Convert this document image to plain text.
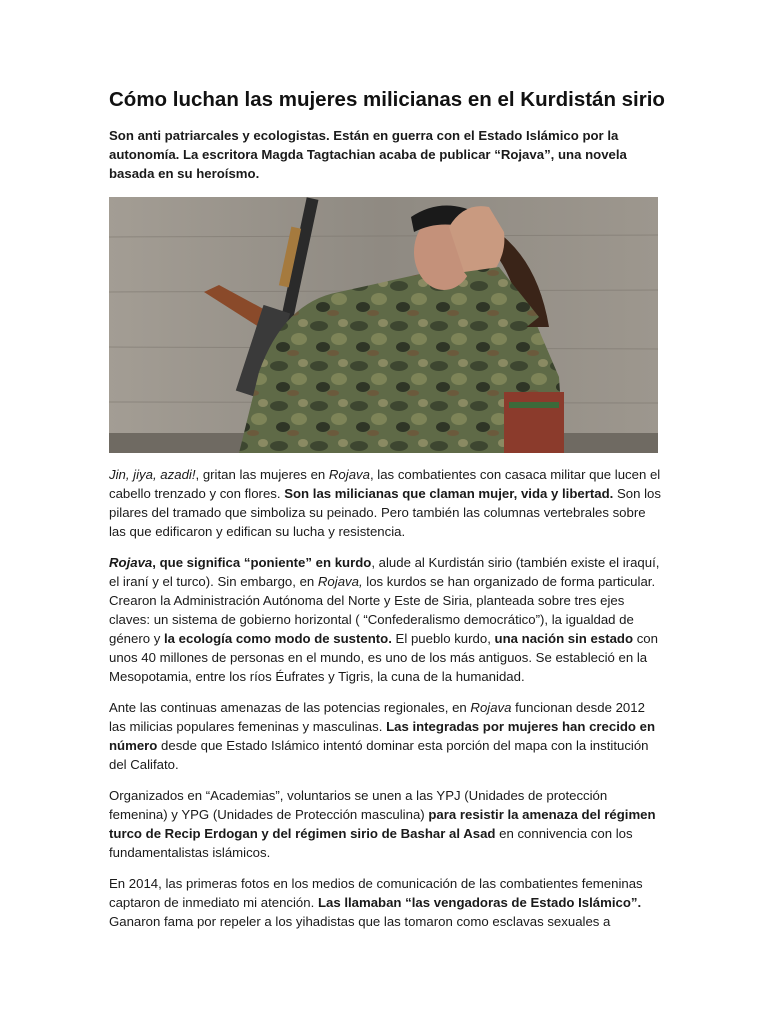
Cómo luchan las mujeres milicianas en el Kurdistán sirio

Son anti patriarcales y ecologistas. Están en guerra con el Estado Islámico por la autonomía. La escritora Magda Tagtachian acaba de publicar “Rojava”, una novela basada en su heroísmo.

Jin, jiya, azadi!, gritan las mujeres en Rojava, las combatientes con casaca militar que lucen el cabello trenzado y con flores. Son las milicianas que claman mujer, vida y libertad. Son los pilares del tramado que simboliza su peinado. Pero también las columnas vertebrales sobre las que edificaron y edifican su lucha y resistencia.

Rojava, que significa “poniente” en kurdo, alude al Kurdistán sirio (también existe el iraquí, el iraní y el turco). Sin embargo, en Rojava, los kurdos se han organizado de forma particular. Crearon la Administración Autónoma del Norte y Este de Siria, planteada sobre tres ejes claves: un sistema de gobierno horizontal ( “Confederalismo democrático”), la igualdad de género y la ecología como modo de sustento. El pueblo kurdo, una nación sin estado con unos 40 millones de personas en el mundo, es uno de los más antiguos. Se estableció en la Mesopotamia, entre los ríos Éufrates y Tigris, la cuna de la humanidad.

Ante las continuas amenazas de las potencias regionales, en Rojava funcionan desde 2012 las milicias populares femeninas y masculinas. Las integradas por mujeres han crecido en número desde que Estado Islámico intentó dominar esta porción del mapa con la institución del Califato.

Organizados en “Academias”, voluntarios se unen a las YPJ (Unidades de protección femenina) y YPG (Unidades de Protección masculina) para resistir la amenaza del régimen turco de Recip Erdogan y del régimen sirio de Bashar al Asad en connivencia con los fundamentalistas islámicos.

En 2014, las primeras fotos en los medios de comunicación de las combatientes femeninas captaron de inmediato mi atención. Las llamaban “las vengadoras de Estado Islámico”. Ganaron fama por repeler a los yihadistas que las tomaron como esclavas sexuales a
